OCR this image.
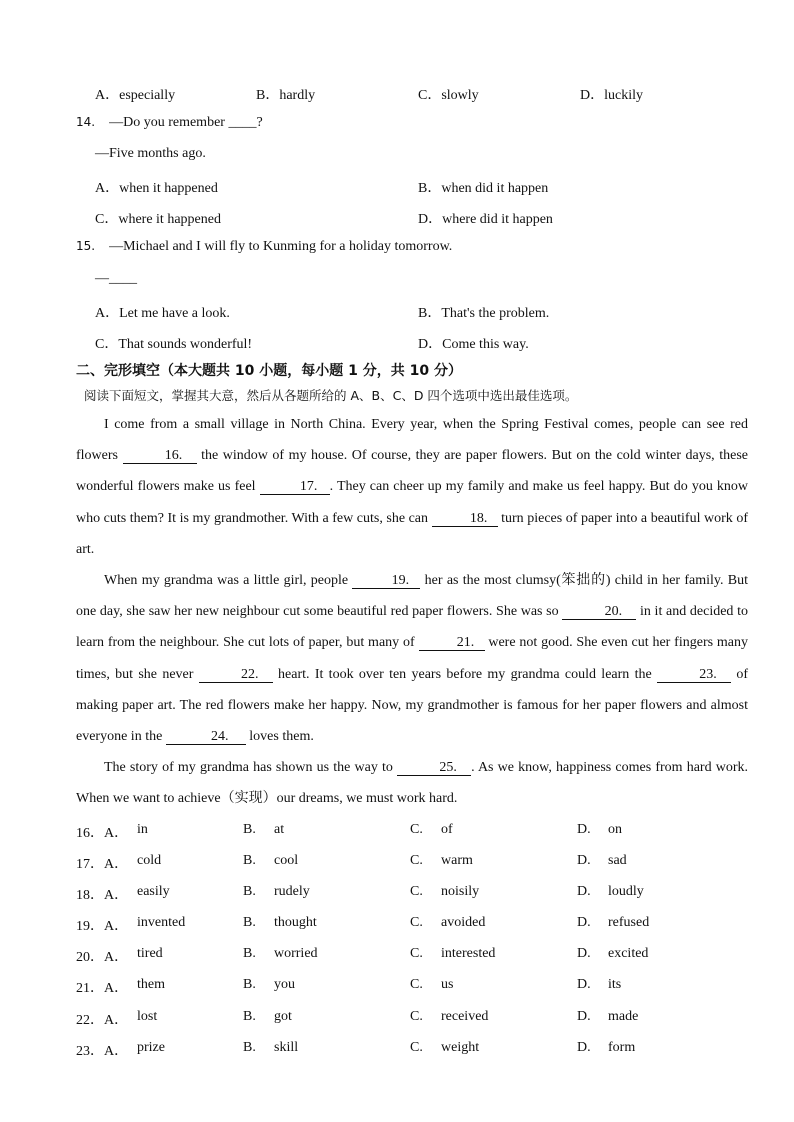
A．especially	B．hardly	C．slowly	D．luckily
14. —Do you remember ____?
—Five months ago.
A．when it happened	B．when did it happen
C．where it happened	D．where did it happen
15. —Michael and I will fly to Kunming for a holiday tomorrow.
—____
A．Let me have a look.	B．That's the problem.
C．That sounds wonderful!	D．Come this way.
二、完形填空（本大题共 10 小题，每小题 1 分，共 10 分）
阅读下面短文，掌握其大意，然后从各题所给的 A、B、C、D 四个选项中选出最佳选项。

I come from a small village in North China. Every year, when the Spring Festival comes, people can see red flowers	16. the window of my house. Of course, they are paper flowers. But on the cold winter days, these wonderful flowers make us feel	17. . They can cheer up my family and make us feel happy. But do you know who cuts them? It is my grandmother. With a few cuts, she can	18. turn pieces of paper into a beautiful work of art.

When my grandma was a little girl, people	19. her as the most clumsy(笨拙的) child in her family. But one day, she saw her new neighbour cut some beautiful red paper flowers. She was so	20. in it and decided to learn from the neighbour. She cut lots of paper, but many of	21. were not good. She even cut her fingers many times, but she never	22. heart. It took over ten years before my grandma could learn the	23. of making paper art. The red flowers make her happy. Now, my grandmother is famous for her paper flowers and almost everyone in the	24. loves them.

The story of my grandma has shown us the way to	25. . As we know, happiness comes from hard work. When we want to achieve（实现）our dreams, we must work hard.

16．A． in	B. at	C. of	D. on
17．A． cold	B. cool	C. warm	D. sad
18．A． easily	B. rudely	C. noisily	D. loudly
19．A． invented	B. thought	C. avoided	D. refused
20．A． tired	B. worried	C. interested	D. excited
21．A． them	B. you	C. us	D. its
22．A． lost	B. got	C. received	D. made
23．A． prize	B. skill	C. weight	D. form
